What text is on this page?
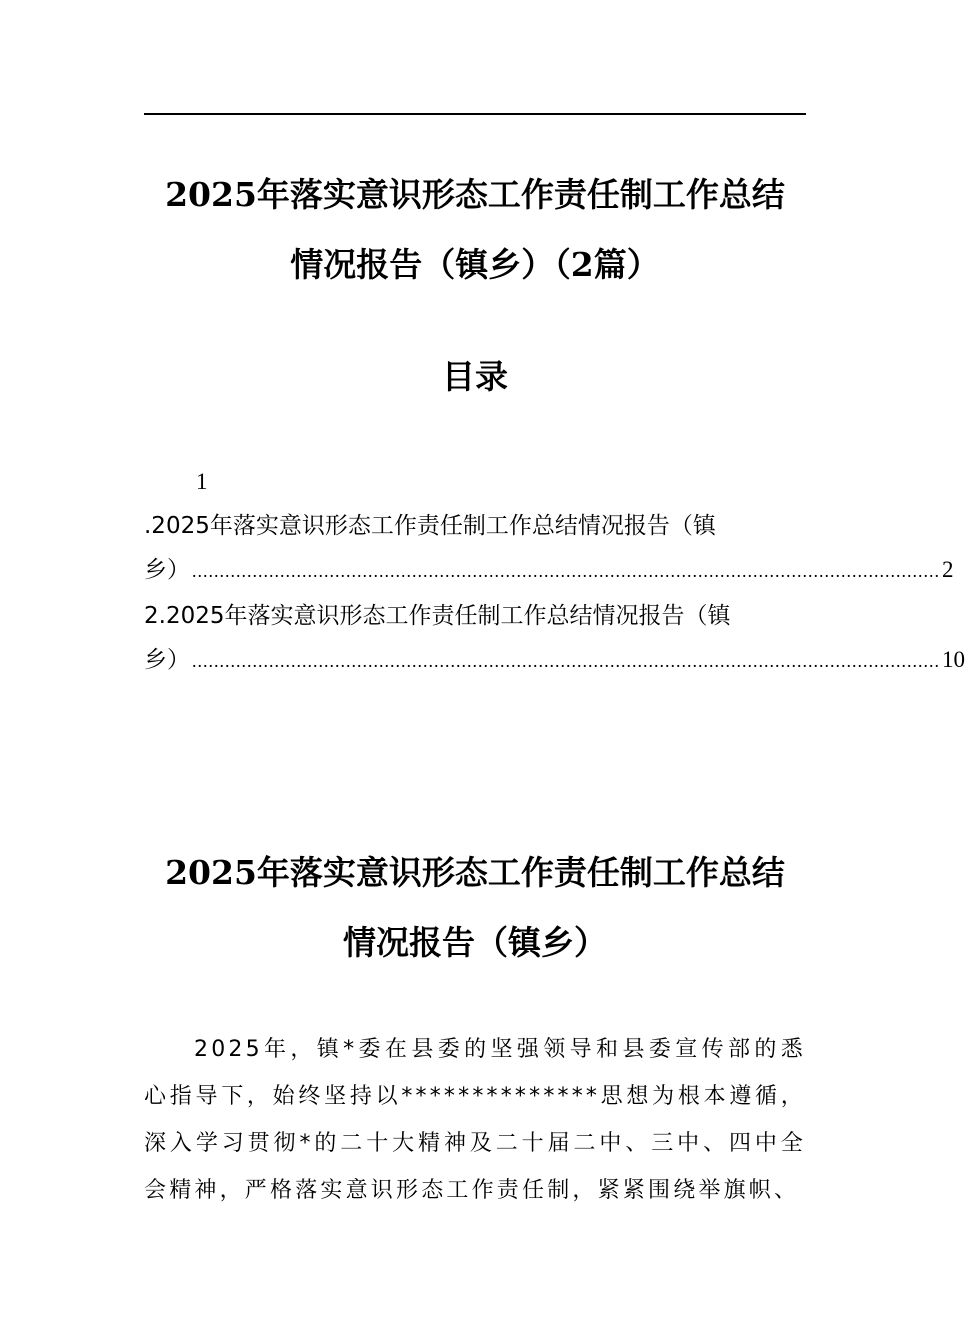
2025年落实意识形态工作责任制工作总结
情况报告（镇乡）（2篇）
目录
1
.2025年落实意识形态工作责任制工作总结情况报告（镇
乡） ........................................................................................................................................ 2
2.2025年落实意识形态工作责任制工作总结情况报告（镇
乡） ........................................................................................................................................ 10
2025年落实意识形态工作责任制工作总结
情况报告（镇乡）

2025年，镇*委在县委的坚强领导和县委宣传部的悉心指导下，始终坚持以**************思想为根本遵循，深入学习贯彻*的二十大精神及二十届二中、三中、四中全会精神，严格落实意识形态工作责任制，紧紧围绕举旗帜、
